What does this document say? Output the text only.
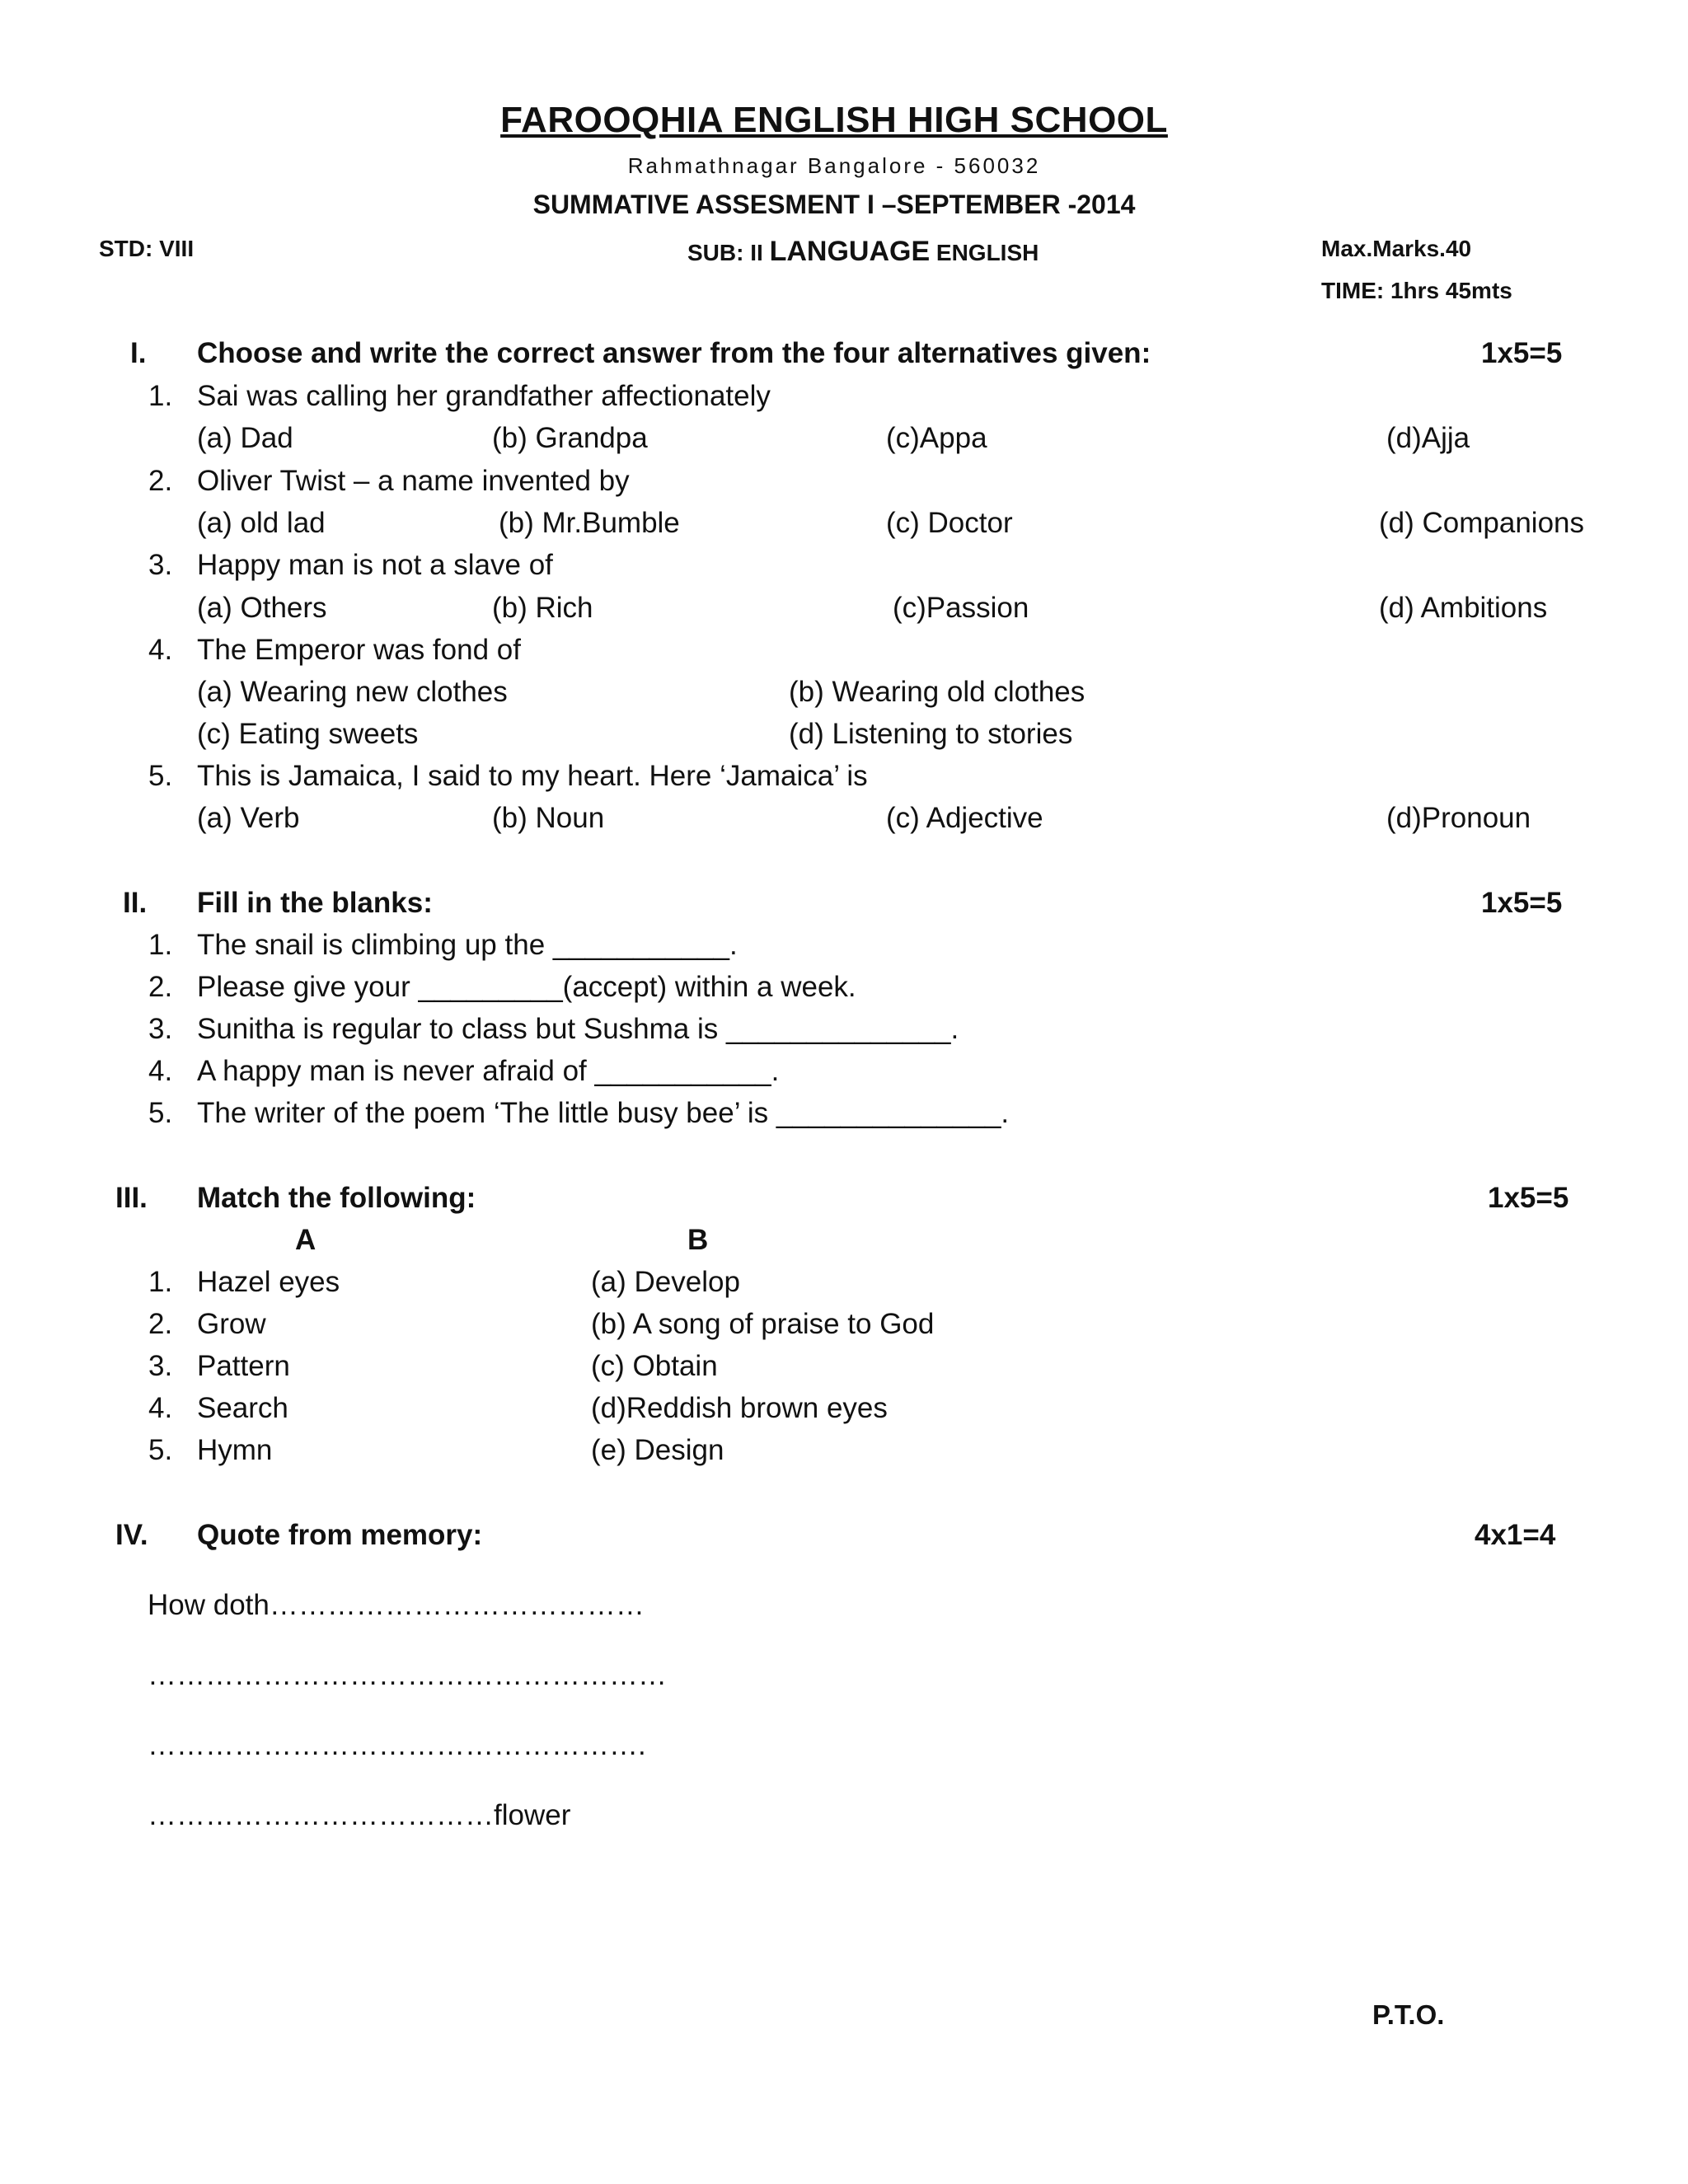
FAROOQHIA ENGLISH HIGH SCHOOL
Rahmathnagar Bangalore - 560032
SUMMATIVE ASSESMENT I –SEPTEMBER -2014
STD: VIII	SUB: II LANGUAGE ENGLISH	Max.Marks.40
TIME: 1hrs 45mts
I. Choose and write the correct answer from the four alternatives given:	1x5=5
1. Sai was calling her grandfather affectionately
(a) Dad	(b) Grandpa	(c)Appa	(d)Ajja
2. Oliver Twist – a name invented by
(a) old lad	(b) Mr.Bumble	(c) Doctor	(d) Companions
3. Happy man is not a slave of
(a) Others	(b) Rich	(c)Passion	(d) Ambitions
4. The Emperor was fond of
(a) Wearing new clothes	(b) Wearing old clothes
(c) Eating sweets	(d) Listening to stories
5. This is Jamaica, I said to my heart. Here ‘Jamaica’ is
(a) Verb	(b) Noun	(c) Adjective	(d)Pronoun
II. Fill in the blanks:	1x5=5
1. The snail is climbing up the ___________.
2. Please give your _________(accept) within a week.
3. Sunitha is regular to class but Sushma is ______________.
4. A happy man is never afraid of ___________.
5. The writer of the poem ‘The little busy bee’ is ______________.
III. Match the following:	1x5=5
A	B
1. Hazel eyes	(a) Develop
2. Grow	(b) A song of praise to God
3. Pattern	(c) Obtain
4. Search	(d)Reddish brown eyes
5. Hymn	(e) Design
IV. Quote from memory:	4x1=4
How doth…………………………………
………………………………………………
…………………………………………….
………………………………flower
P.T.O.
